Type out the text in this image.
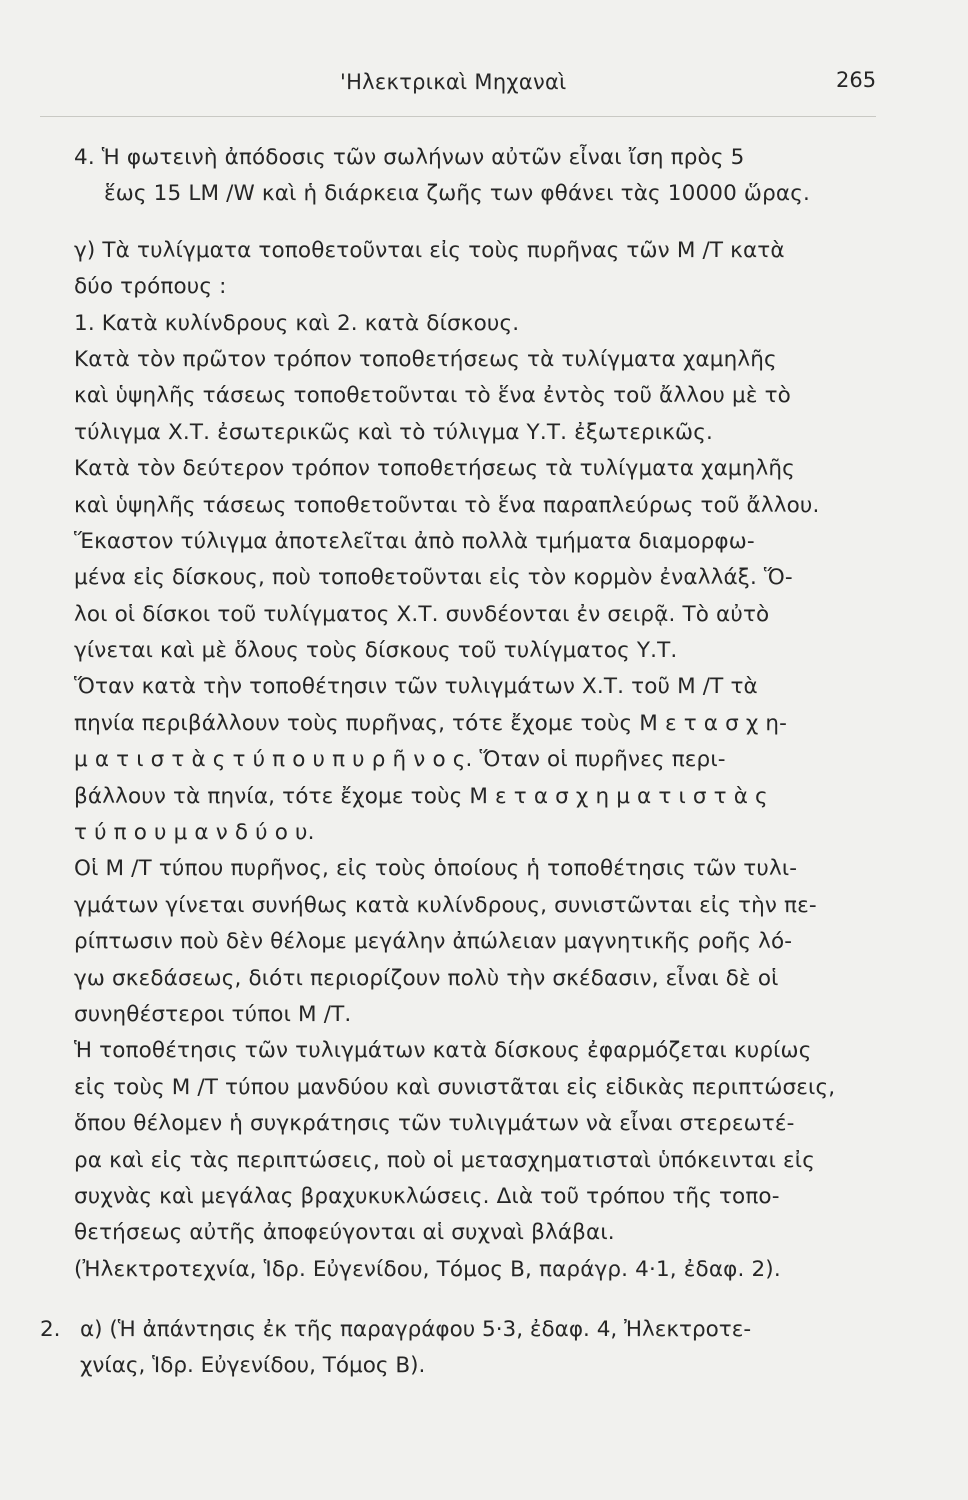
'Ηλεκτρικαὶ Μηχαναὶ	265
4. Ἡ φωτεινὴ ἀπόδοσις τῶν σωλήνων αὐτῶν εἶναι ἴση πρὸς 5
ἕως 15 LM /W καὶ ἡ διάρκεια ζωῆς των φθάνει τὰς 10000 ὥρας.
γ) Τὰ τυλίγματα τοποθετοῦνται εἰς τοὺς πυρῆνας τῶν Μ /Τ κατὰ
δύο τρόπους :
1. Κατὰ κυλίνδρους καὶ 2. κατὰ δίσκους.
Κατὰ τὸν πρῶτον τρόπον τοποθετήσεως τὰ τυλίγματα χαμηλῆς
καὶ ὑψηλῆς τάσεως τοποθετοῦνται τὸ ἕνα ἐντὸς τοῦ ἄλλου μὲ τὸ
τύλιγμα Χ.Τ. ἐσωτερικῶς καὶ τὸ τύλιγμα Υ.Τ. ἐξωτερικῶς.
Κατὰ τὸν δεύτερον τρόπον τοποθετήσεως τὰ τυλίγματα χαμηλῆς
καὶ ὑψηλῆς τάσεως τοποθετοῦνται τὸ ἕνα παραπλεύρως τοῦ ἄλλου.
Ἕκαστον τύλιγμα ἀποτελεῖται ἀπὸ πολλὰ τμήματα διαμορφω-
μένα εἰς δίσκους, ποὺ τοποθετοῦνται εἰς τὸν κορμὸν ἐναλλάξ. Ὅ-
λοι οἱ δίσκοι τοῦ τυλίγματος Χ.Τ. συνδέονται ἐν σειρᾷ. Τὸ αὐτὸ
γίνεται καὶ μὲ ὅλους τοὺς δίσκους τοῦ τυλίγματος Υ.Τ.
Ὅταν κατὰ τὴν τοποθέτησιν τῶν τυλιγμάτων Χ.Τ. τοῦ Μ /Τ τὰ
πηνία περιβάλλουν τοὺς πυρῆνας, τότε ἔχομε τοὺς Μ ε τ α σ χ η-
μ α τ ι σ τ ὰ ς τ ύ π ο υ π υ ρ ῆ ν ο ς. Ὅταν οἱ πυρῆνες περι-
βάλλουν τὰ πηνία, τότε ἔχομε τοὺς Μ ε τ α σ χ η μ α τ ι σ τ ὰ ς
τ ύ π ο υ μ α ν δ ύ ο υ.
Οἱ Μ /Τ τύπου πυρῆνος, εἰς τοὺς ὁποίους ἡ τοποθέτησις τῶν τυλι-
γμάτων γίνεται συνήθως κατὰ κυλίνδρους, συνιστῶνται εἰς τὴν πε-
ρίπτωσιν ποὺ δὲν θέλομε μεγάλην ἀπώλειαν μαγνητικῆς ροῆς λό-
γω σκεδάσεως, διότι περιορίζουν πολὺ τὴν σκέδασιν, εἶναι δὲ οἱ
συνηθέστεροι τύποι Μ /Τ.
Ἡ τοποθέτησις τῶν τυλιγμάτων κατὰ δίσκους ἐφαρμόζεται κυρίως
εἰς τοὺς Μ /Τ τύπου μανδύου καὶ συνιστᾶται εἰς εἰδικὰς περιπτώσεις,
ὅπου θέλομεν ἡ συγκράτησις τῶν τυλιγμάτων νὰ εἶναι στερεωτέ-
ρα καὶ εἰς τὰς περιπτώσεις, ποὺ οἱ μετασχηματισταὶ ὑπόκεινται εἰς
συχνὰς καὶ μεγάλας βραχυκυκλώσεις. Διὰ τοῦ τρόπου τῆς τοπο-
θετήσεως αὐτῆς ἀποφεύγονται αἱ συχναὶ βλάβαι.
(Ἠλεκτροτεχνία, Ἱδρ. Εὐγενίδου, Τόμος Β, παράγρ. 4·1, ἐδαφ. 2).
2. α) (Ἡ ἀπάντησις ἐκ τῆς παραγράφου 5·3, ἐδαφ. 4, Ἠλεκτροτε-
χνίας, Ἱδρ. Εὐγενίδου, Τόμος Β).
